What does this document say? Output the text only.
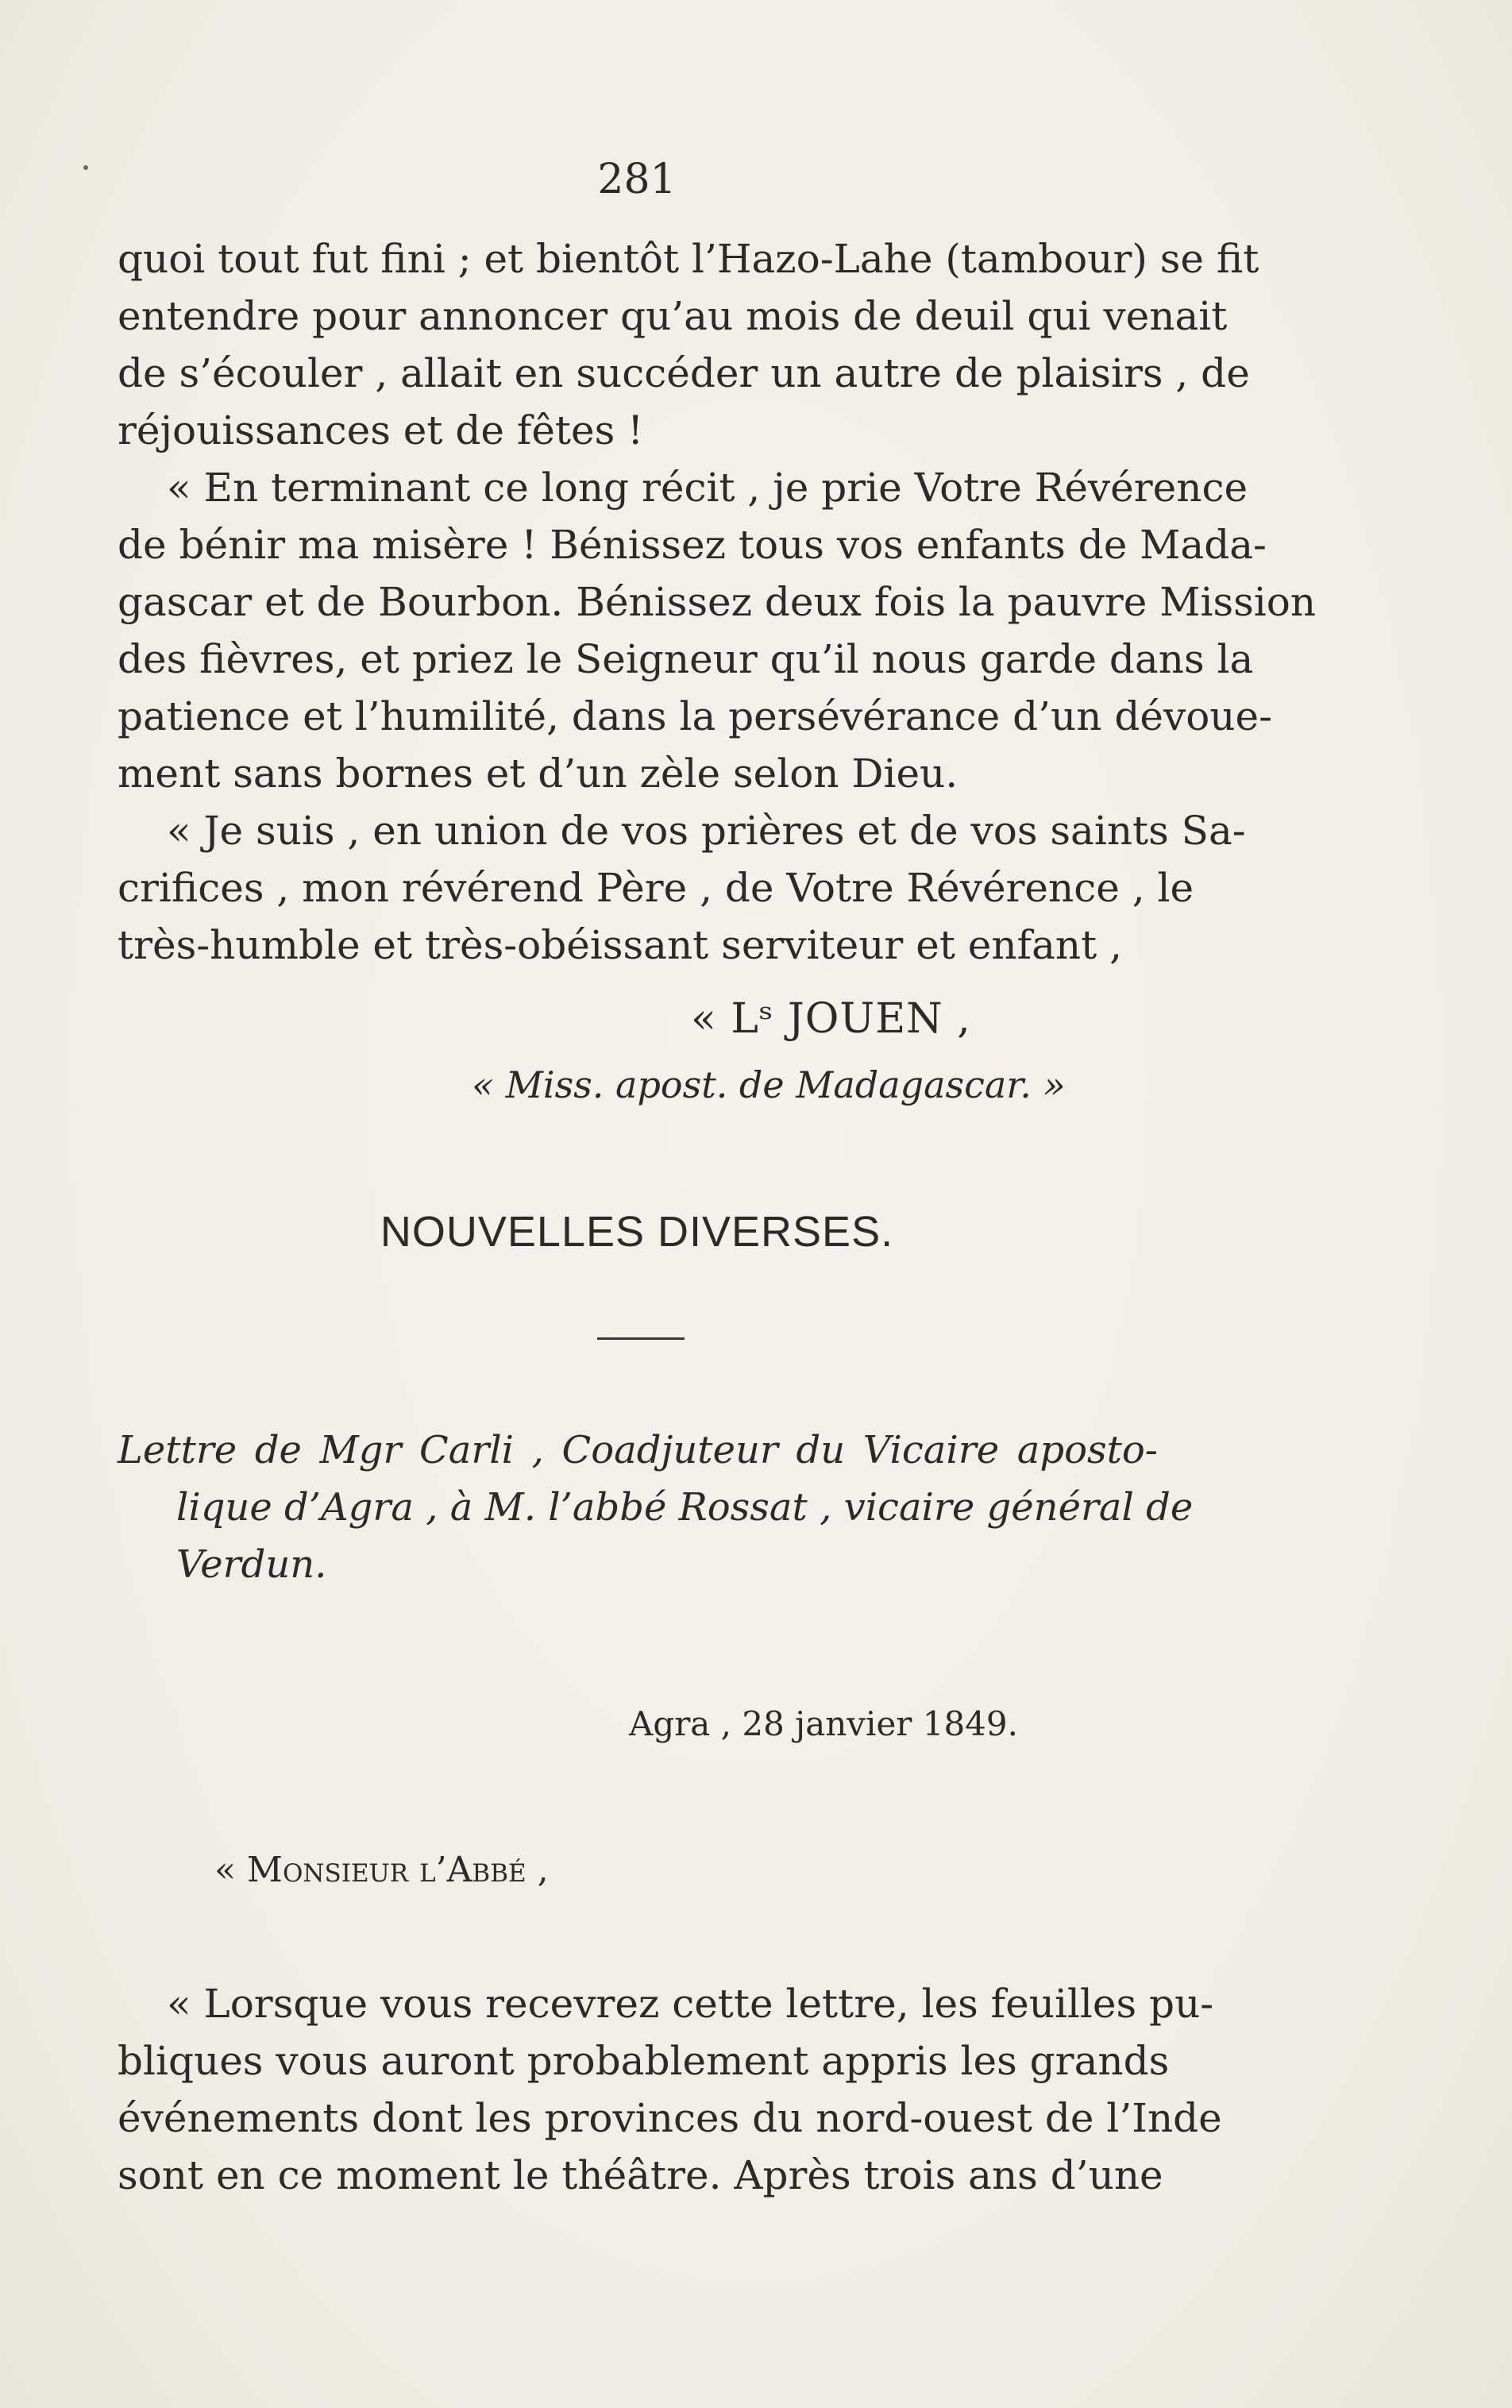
281
quoi tout fut fini ; et bientôt l’Hazo-Lahe (tambour) se fit
entendre pour annoncer qu’au mois de deuil qui venait
de s’écouler , allait en succéder un autre de plaisirs , de
réjouissances et de fêtes !
« En terminant ce long récit , je prie Votre Révérence
de bénir ma misère ! Bénissez tous vos enfants de Mada-
gascar et de Bourbon. Bénissez deux fois la pauvre Mission
des fièvres, et priez le Seigneur qu’il nous garde dans la
patience et l’humilité, dans la persévérance d’un dévoue-
ment sans bornes et d’un zèle selon Dieu.
« Je suis , en union de vos prières et de vos saints Sa-
crifices , mon révérend Père , de Votre Révérence , le
très-humble et très-obéissant serviteur et enfant ,
« Lˢ JOUEN ,
« Miss. apost. de Madagascar. »
NOUVELLES DIVERSES.
Lettre de Mgr Carli , Coadjuteur du Vicaire aposto-
lique d’Agra , à M. l’abbé Rossat , vicaire général de
Verdun.
Agra , 28 janvier 1849.
« Monsieur l’Abbé ,
« Lorsque vous recevrez cette lettre, les feuilles pu-
bliques vous auront probablement appris les grands
événements dont les provinces du nord-ouest de l’Inde
sont en ce moment le théâtre. Après trois ans d’une
